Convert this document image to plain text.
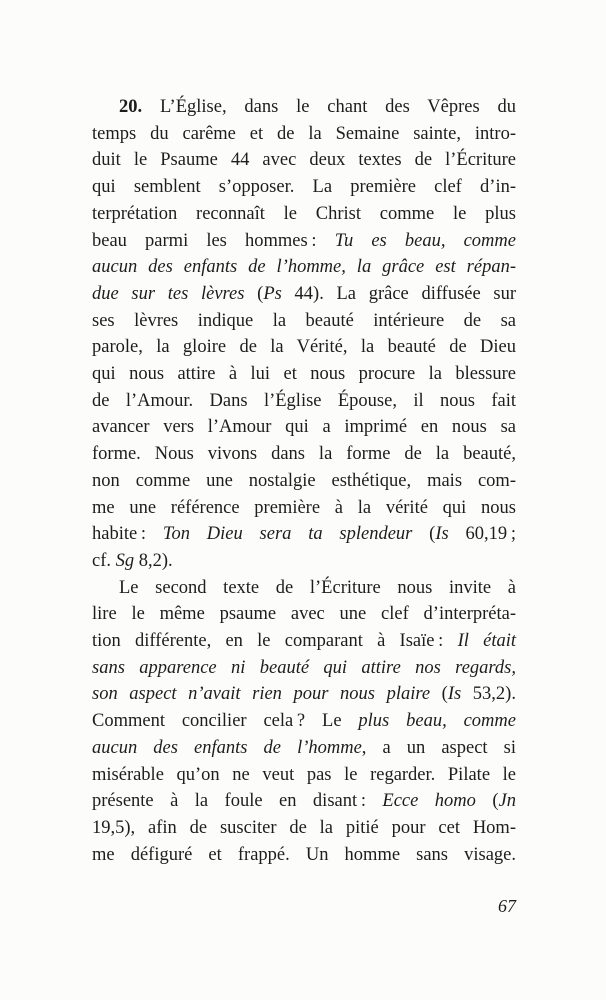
20. L’Église, dans le chant des Vêpres du
temps du carême et de la Semaine sainte, intro-
duit le Psaume 44 avec deux textes de l’Écriture
qui semblent s’opposer. La première clef d’in-
terprétation reconnaît le Christ comme le plus
beau parmi les hommes : Tu es beau, comme
aucun des enfants de l’homme, la grâce est répan-
due sur tes lèvres (Ps 44). La grâce diffusée sur
ses lèvres indique la beauté intérieure de sa
parole, la gloire de la Vérité, la beauté de Dieu
qui nous attire à lui et nous procure la blessure
de l’Amour. Dans l’Église Épouse, il nous fait
avancer vers l’Amour qui a imprimé en nous sa
forme. Nous vivons dans la forme de la beauté,
non comme une nostalgie esthétique, mais com-
me une référence première à la vérité qui nous
habite : Ton Dieu sera ta splendeur (Is 60,19 ;
cf. Sg 8,2).
Le second texte de l’Écriture nous invite à
lire le même psaume avec une clef d’interpréta-
tion différente, en le comparant à Isaïe : Il était
sans apparence ni beauté qui attire nos regards,
son aspect n’avait rien pour nous plaire (Is 53,2).
Comment concilier cela ? Le plus beau, comme
aucun des enfants de l’homme, a un aspect si
misérable qu’on ne veut pas le regarder. Pilate le
présente à la foule en disant : Ecce homo (Jn
19,5), afin de susciter de la pitié pour cet Hom-
me défiguré et frappé. Un homme sans visage.
67
